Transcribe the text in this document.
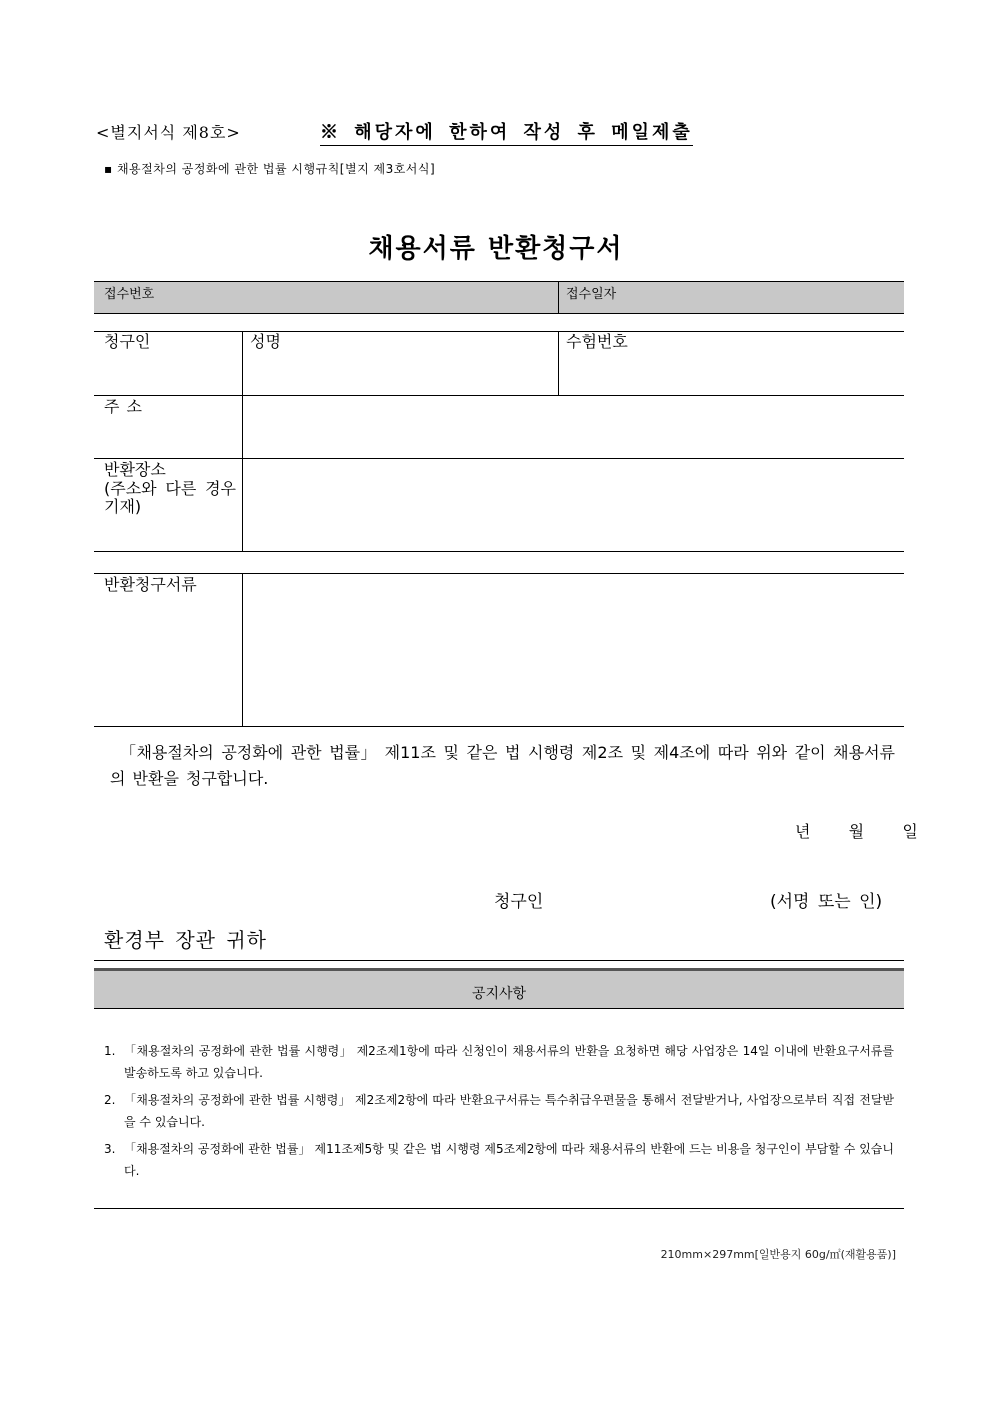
<별지서식 제8호>	※ 해당자에 한하여 작성 후 메일제출
▪ 채용절차의 공정화에 관한 법률 시행규칙[별지 제3호서식]
채용서류 반환청구서
접수번호	접수일자
청구인	성명	수험번호
주 소
반환장소
(주소와 다른 경우 기재)
반환청구서류
「채용절차의 공정화에 관한 법률」 제11조 및 같은 법 시행령 제2조 및 제4조에 따라 위와 같이 채용서류의 반환을 청구합니다.
년 월 일
청구인	(서명 또는 인)
환경부 장관 귀하
공지사항
1. 「채용절차의 공정화에 관한 법률 시행령」 제2조제1항에 따라 신청인이 채용서류의 반환을 요청하면 해당 사업장은 14일 이내에 반환요구서류를 발송하도록 하고 있습니다.
2. 「채용절차의 공정화에 관한 법률 시행령」 제2조제2항에 따라 반환요구서류는 특수취급우편물을 통해서 전달받거나, 사업장으로부터 직접 전달받을 수 있습니다.
3. 「채용절차의 공정화에 관한 법률」 제11조제5항 및 같은 법 시행령 제5조제2항에 따라 채용서류의 반환에 드는 비용을 청구인이 부담할 수 있습니다.
210mm×297mm[일반용지 60g/㎡(재활용품)]
